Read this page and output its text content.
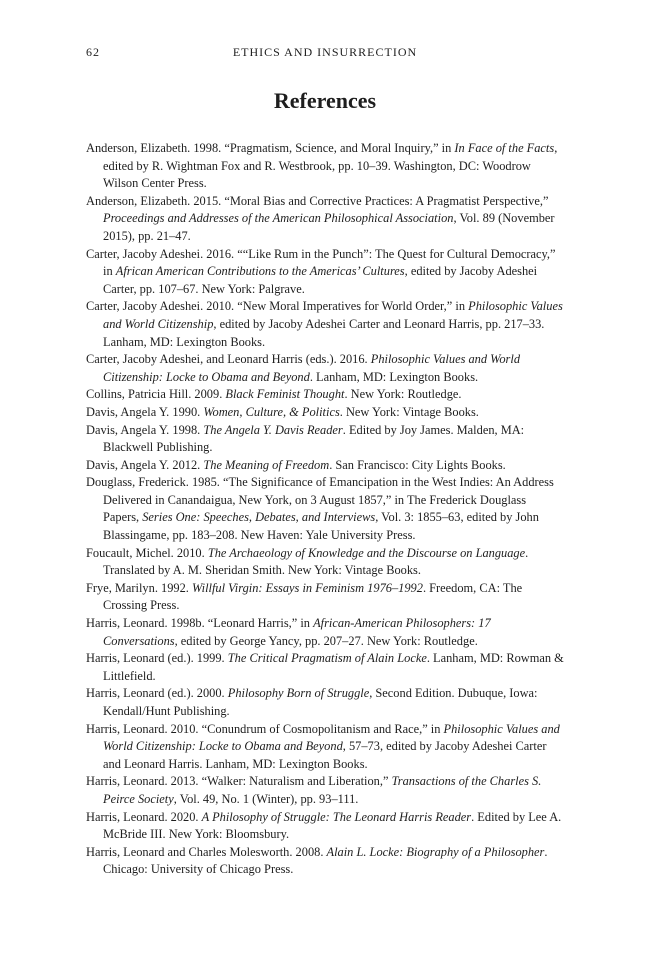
62	ETHICS AND INSURRECTION
References

Anderson, Elizabeth. 1998. “Pragmatism, Science, and Moral Inquiry,” in In Face of the Facts, edited by R. Wightman Fox and R. Westbrook, pp. 10–39. Washington, DC: Woodrow Wilson Center Press.

Anderson, Elizabeth. 2015. “Moral Bias and Corrective Practices: A Pragmatist Perspective,” Proceedings and Addresses of the American Philosophical Association, Vol. 89 (November 2015), pp. 21–47.

Carter, Jacoby Adeshei. 2016. ““Like Rum in the Punch”: The Quest for Cultural Democracy,” in African American Contributions to the Americas’ Cultures, edited by Jacoby Adeshei Carter, pp. 107–67. New York: Palgrave.

Carter, Jacoby Adeshei. 2010. “New Moral Imperatives for World Order,” in Philosophic Values and World Citizenship, edited by Jacoby Adeshei Carter and Leonard Harris, pp. 217–33. Lanham, MD: Lexington Books.

Carter, Jacoby Adeshei, and Leonard Harris (eds.). 2016. Philosophic Values and World Citizenship: Locke to Obama and Beyond. Lanham, MD: Lexington Books.

Collins, Patricia Hill. 2009. Black Feminist Thought. New York: Routledge.

Davis, Angela Y. 1990. Women, Culture, & Politics. New York: Vintage Books.

Davis, Angela Y. 1998. The Angela Y. Davis Reader. Edited by Joy James. Malden, MA: Blackwell Publishing.

Davis, Angela Y. 2012. The Meaning of Freedom. San Francisco: City Lights Books.

Douglass, Frederick. 1985. “The Significance of Emancipation in the West Indies: An Address Delivered in Canandaigua, New York, on 3 August 1857,” in The Frederick Douglass Papers, Series One: Speeches, Debates, and Interviews, Vol. 3: 1855–63, edited by John Blassingame, pp. 183–208. New Haven: Yale University Press.

Foucault, Michel. 2010. The Archaeology of Knowledge and the Discourse on Language. Translated by A. M. Sheridan Smith. New York: Vintage Books.

Frye, Marilyn. 1992. Willful Virgin: Essays in Feminism 1976–1992. Freedom, CA: The Crossing Press.

Harris, Leonard. 1998b. “Leonard Harris,” in African-American Philosophers: 17 Conversations, edited by George Yancy, pp. 207–27. New York: Routledge.

Harris, Leonard (ed.). 1999. The Critical Pragmatism of Alain Locke. Lanham, MD: Rowman & Littlefield.

Harris, Leonard (ed.). 2000. Philosophy Born of Struggle, Second Edition. Dubuque, Iowa: Kendall/Hunt Publishing.

Harris, Leonard. 2010. “Conundrum of Cosmopolitanism and Race,” in Philosophic Values and World Citizenship: Locke to Obama and Beyond, 57–73, edited by Jacoby Adeshei Carter and Leonard Harris. Lanham, MD: Lexington Books.

Harris, Leonard. 2013. “Walker: Naturalism and Liberation,” Transactions of the Charles S. Peirce Society, Vol. 49, No. 1 (Winter), pp. 93–111.

Harris, Leonard. 2020. A Philosophy of Struggle: The Leonard Harris Reader. Edited by Lee A. McBride III. New York: Bloomsbury.

Harris, Leonard and Charles Molesworth. 2008. Alain L. Locke: Biography of a Philosopher. Chicago: University of Chicago Press.
